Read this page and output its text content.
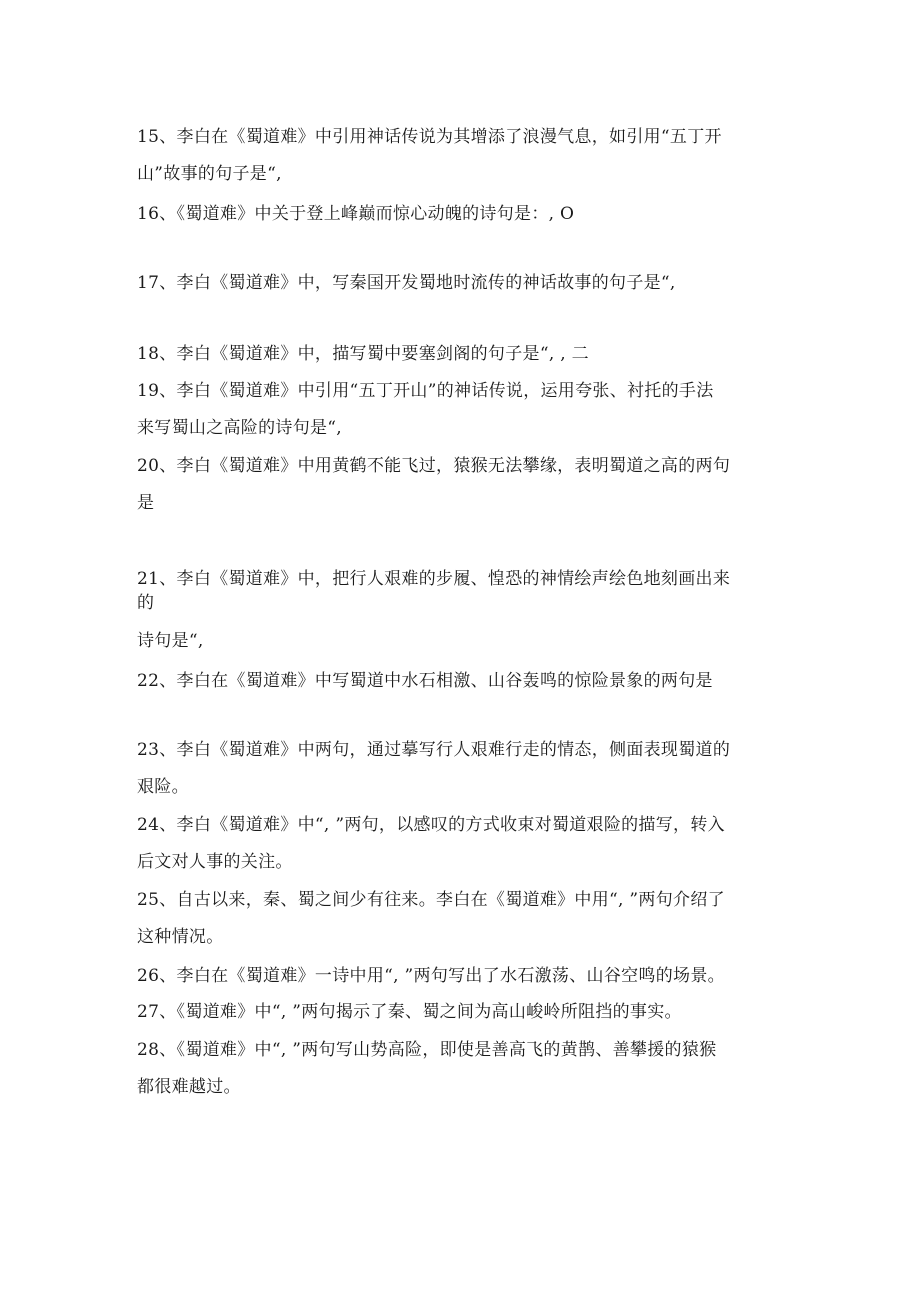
15、李白在《蜀道难》中引用神话传说为其增添了浪漫气息，如引用“五丁开
山”故事的句子是“,
16、《蜀道难》中关于登上峰巅而惊心动魄的诗句是：, O
17、李白《蜀道难》中，写秦国开发蜀地时流传的神话故事的句子是“,
18、李白《蜀道难》中，描写蜀中要塞剑阁的句子是“, , 二
19、李白《蜀道难》中引用“五丁开山”的神话传说，运用夸张、衬托的手法
来写蜀山之高险的诗句是“,
20、李白《蜀道难》中用黄鹤不能飞过，猿猴无法攀缘，表明蜀道之高的两句
是
21、李白《蜀道难》中，把行人艰难的步履、惶恐的神情绘声绘色地刻画出来
的
诗句是“,
22、李白在《蜀道难》中写蜀道中水石相激、山谷轰鸣的惊险景象的两句是
23、李白《蜀道难》中两句，通过摹写行人艰难行走的情态，侧面表现蜀道的
艰险。
24、李白《蜀道难》中“, ”两句，以感叹的方式收束对蜀道艰险的描写，转入
后文对人事的关注。
25、自古以来，秦、蜀之间少有往来。李白在《蜀道难》中用“, ”两句介绍了
这种情况。
26、李白在《蜀道难》一诗中用“, ”两句写出了水石激荡、山谷空鸣的场景。
27、《蜀道难》中“, ”两句揭示了秦、蜀之间为高山峻岭所阻挡的事实。
28、《蜀道难》中“, ”两句写山势高险，即使是善高飞的黄鹊、善攀援的猿猴
都很难越过。
